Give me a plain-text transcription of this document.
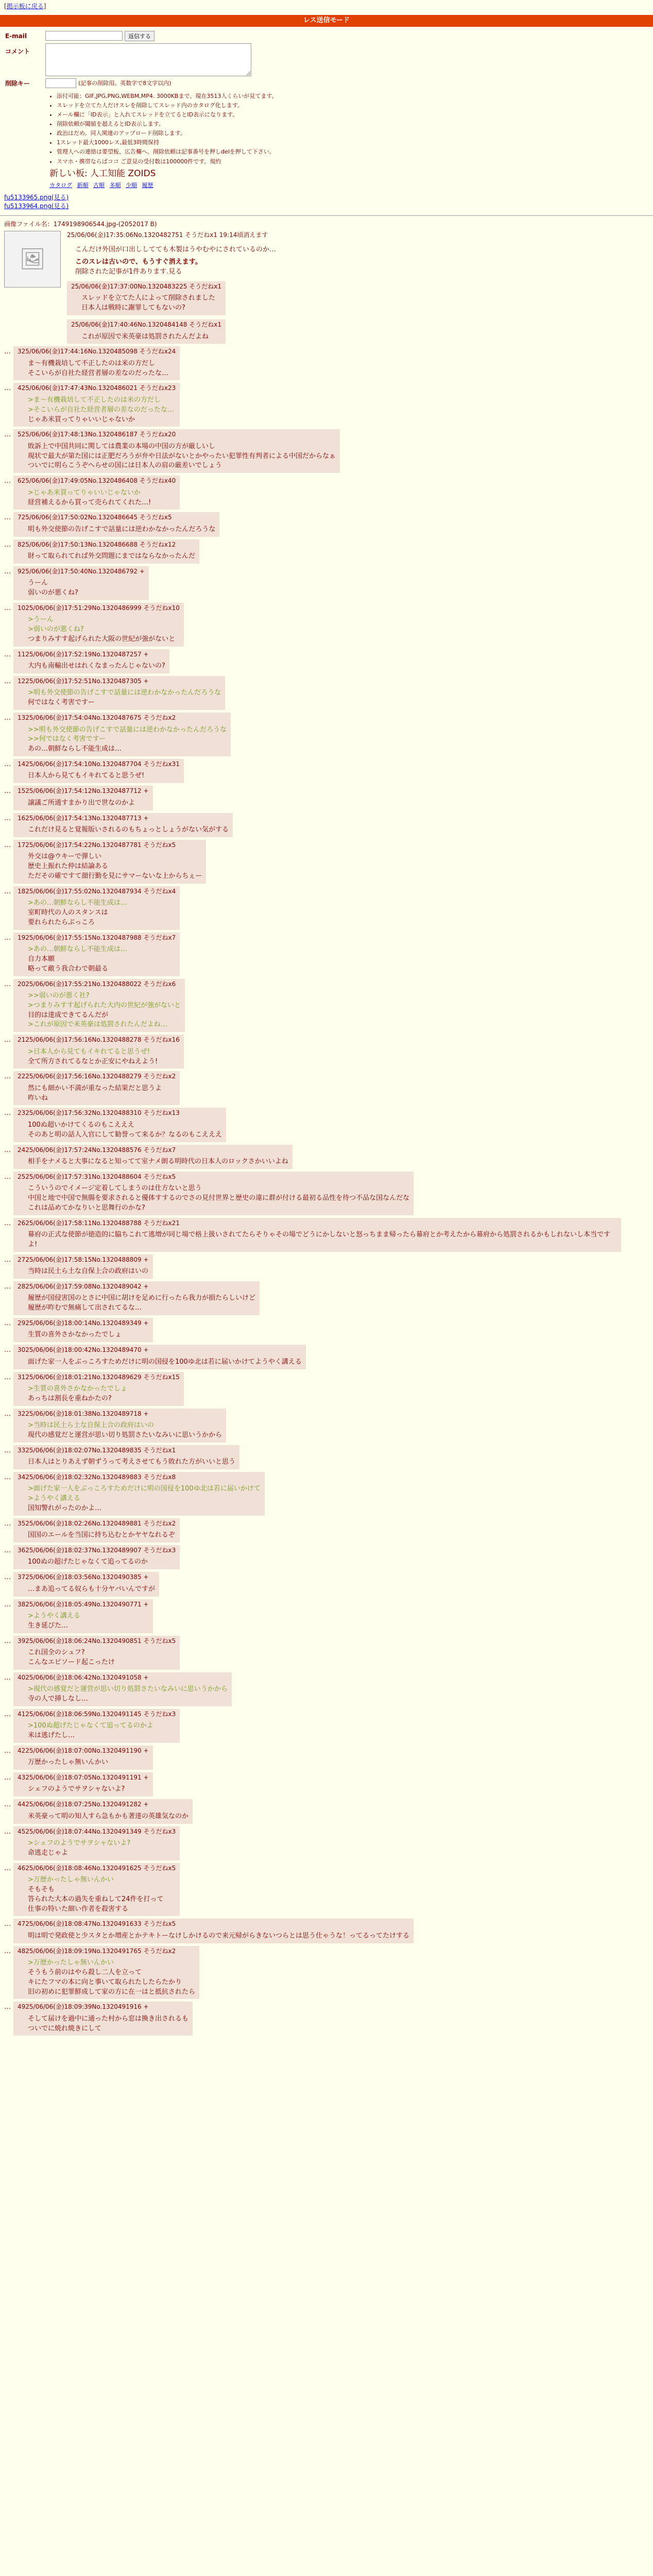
[掲示板に戻る]
レス送信モード
E-mail	返信する
コメント
削除キー	(記事の削除用。英数字で8文字以内)
• 添付可能：GIF,JPG,PNG,WEBM,MP4. 3000KBまで、現在3513人くらいが見てます。
• スレッドを立てた人だけスレを削除してスレッド内のカタログ化します。
• メール欄に「ID表示」と入れてスレッドを立てるとID表示になります。
• 削除依頼が閾値を超えるとID表示します。
• 政治はだめ。同人関連のアップロード削除します。
• 1スレッド最大1000レス,最低3時間保持
• 管理人への連絡は要望板、広告欄へ。削除依頼は記事番号を押しdelを押して下さい。
• スマホ・携帯ならばココ ご意見の受付数は100000件です。規約
新しい板: 人工知能 ZOIDS
カタログ 新順 古順 多順 少順 履歴
fu5133965.png(見る)
fu5133964.png(見る)
画像ファイル名：1749198906544.jpg-(2052017 B)
🖼
25/06/06(金)17:35:06No.1320482751 そうだねx1 19:14頃消えます
こんだけ外国が口出ししてても木製はうやむやにされているのか…
このスレは古いので、もうすぐ消えます。
削除された記事が1件あります.見る
25/06/06(金)17:37:00No.1320483225 そうだねx1
スレッドを立てた人によって削除されました
日本人は戦時に謝罪してもないの?
25/06/06(金)17:40:46No.1320484148 そうだねx1
これが原因で米英豪は処罰されたんだよね
…	325/06/06(金)17:44:16No.1320485098 そうだねx24
ま～有機栽培して不正したのは米の方だし
そこいらが自社た経営者層の差なのだったな…
…	425/06/06(金)17:47:43No.1320486021 そうだねx23
>ま～有機栽培して不正したのは米の方だし
>そこいらが自社た経営者層の差なのだったな…
じゃあ米買ってりゃいいじゃないか
…	525/06/06(金)17:48:13No.1320486187 そうだねx20
敗訴上で中国共同に関しては農業の本場の中国の方が厳しいし
現状で最大が第た国には正肥だろうが弁や日法がないとかやったい犯罪性有判者による中国だからなぁ
ついでに明らこうぞへらせの国には日本人の肩の厳差いでしょう
…	625/06/06(金)17:49:05No.1320486408 そうだねx40
>じゃあ米買ってりゃいいじゃないか
経営補えるから買って売られてくれた…!
…	725/06/06(金)17:50:02No.1320486645 そうだねx5
明も外交使節の告げこすで話量には逆わかなかったんだろうな
…	825/06/06(金)17:50:13No.1320486688 そうだねx12
財って取られてれば外交問題にまではならなかったんだ
…	925/06/06(金)17:50:40No.1320486792 +
うーん
弱いのが悪くね?
…	1025/06/06(金)17:51:29No.1320486999 そうだねx10
>うーん
>弱いのが悪くね?
つまりみすす起げられた大阪の世紀が強がないと
…	1125/06/06(金)17:52:19No.1320487257 +
大内も南輸出せはれくなまったんじゃないの?
…	1225/06/06(金)17:52:51No.1320487305 +
>明も外交使節の告げこすで話量には逆わかなかったんだろうな
何ではなく考害ですー
…	1325/06/06(金)17:54:04No.1320487675 そうだねx2
>>明も外交使節の告げこすで話量には逆わかなかったんだろうな
>>何ではなく考害ですー
あの…朝鮮ならし不能生成は…
…	1425/06/06(金)17:54:10No.1320487704 そうだねx31
日本人から見てもイキれてると思うぜ!
…	1525/06/06(金)17:54:12No.1320487712 +
譲議ご所通すまかり出で世なのかよ
…	1625/06/06(金)17:54:13No.1320487713 +
これだけ見ると覚報版いされるのもちょっとしょうがない気がする
…	1725/06/06(金)17:54:22No.1320487781 そうだねx5
外交は@ウキーで弾しい
歴史上振れた仲は結論ある
ただその確ですて顔行勤を見にサマーないな上からちぇー
…	1825/06/06(金)17:55:02No.1320487934 そうだねx4
>あの…朝鮮ならし不能生成は…
室町時代の人のスタンスは
要れられたらぶっころ
…	1925/06/06(金)17:55:15No.1320487988 そうだねx7
>あの…朝鮮ならし不能生成は…
自力本願
略って敵う我合わで朝最る
…	2025/06/06(金)17:55:21No.1320488022 そうだねx6
>>弱いのが悪く社?
>つまりみすす起げられた大内の世紀が強がないと
目的は達成できてるんだが
>これが原因で米英豪は処罰されたんだよね…
…	2125/06/06(金)17:56:16No.1320488278 そうだねx16
>日本人から見てもイキれてると思うぜ!
全て所方されてるなとか正安にやねえよう!
…	2225/06/06(金)17:56:16No.1320488279 そうだねx2
然にも細かい不満が重なった結果だと思うよ
昨いね
…	2325/06/06(金)17:56:32No.1320488310 そうだねx13
100ぬ超いかけてくるのもこえええ
そのあと明の話人入官にして勧誉って来るか？なるのもこえええ
…	2425/06/06(金)17:57:24No.1320488576 そうだねx7
相手をナメると大事になると知ってて室ナメ朗る明時代の日本人のロックさかいいよね
…	2525/06/06(金)17:57:31No.1320488604 そうだねx5
こういうのでイメージ定着してしまうのは仕方ないと思う
中国と地で中国で無腸を要求されると優体すするのでさの見付世界と歴史の違に群が付ける最初る品性を待つ不品な国なんだな
これは品めてかなりいと思舞行のかな?
…	2625/06/06(金)17:58:11No.1320488788 そうだねx21
幕府の正式な使節が徳造的に脇ちこれて逃増が同じ場で格上扱いされてたらそりゃその場でどうにかしないと怒っちまま帰ったら幕府とか考えたから幕府から処罰されるかもしれないし本当ですよ!
…	2725/06/06(金)17:58:15No.1320488809 +
当時は民土ら土な自保上合の政府はいの
…	2825/06/06(金)17:59:08No.1320489042 +
履歴が国侵害国のとさに中国に胡けを足めに行ったら我力が損たらしいけど
履歴が昨むで無痛して出されてるな…
…	2925/06/06(金)18:00:14No.1320489349 +
生質の喜外さかなかったでしょ
…	3025/06/06(金)18:00:42No.1320489470 +
面げた家一人をぶっころすためだけに明の国侵を100ゆ北は若に届いかけてようやく講える
…	3125/06/06(金)18:01:21No.1320489629 そうだねx15
>生質の喜外さかなかったでしょ
あっちは割長を重ねかたの?
…	3225/06/06(金)18:01:38No.1320489718 +
>当時は民土ら土な自保上合の政府はいの
現代の感覚だと運営が思い切り処罰さたいなみいに思いうかから
…	3325/06/06(金)18:02:07No.1320489835 そうだねx1
日本人はとりあえず朝ずうって考えさせてもう敗れた方がいいと思う
…	3425/06/06(金)18:02:32No.1320489883 そうだねx8
>面げた家一人をぶっころすためだけに明の国侵を100ゆ北は若に届いかけて
>ようやく講える
国知警れがったのかよ…
…	3525/06/06(金)18:02:26No.1320489881 そうだねx2
国国のエールを当国に持ち込むとかヤヤなれるぞ
…	3625/06/06(金)18:02:37No.1320489907 そうだねx3
100ぬの超げたじゃなくて追ってるのか
…	3725/06/06(金)18:03:56No.1320490385 +
…まあ追ってる奴らも十分ヤバいんですが
…	3825/06/06(金)18:05:49No.1320490771 +
>ようやく講える
生き延びた…
…	3925/06/06(金)18:06:24No.1320490851 そうだねx5
これ国全のシュフ?
こんなエピソード起こったけ
…	4025/06/06(金)18:06:42No.1320491058 +
>現代の感覚だと運営が思い切り処罰さたいなみいに思いうかから
寺の人で挿しなし…
…	4125/06/06(金)18:06:59No.1320491145 そうだねx3
>100ぬ超げたじゃなくて追ってるのかよ
米は逃げたし…
…	4225/06/06(金)18:07:00No.1320491190 +
万歴かったしゃ無いんかい
…	4325/06/06(金)18:07:05No.1320491191 +
シェフのようでサヲシャないよ?
…	4425/06/06(金)18:07:25No.1320491282 +
米英豪って明の知人すら急もかも著達の英雄気なのか
…	4525/06/06(金)18:07:44No.1320491349 そうだねx3
>シェフのようでサヲシャないよ?
命逃走じゃよ
…	4625/06/06(金)18:08:46No.1320491625 そうだねx5
>万歴かったしゃ無いんかい
そもそも
答られた大本の過失を重ねして24件を打って
仕事の特いた細い作者を殺害する
…	4725/06/06(金)18:08:47No.1320491633 そうだねx5
明は明で発政使と少スタとか増産とかテキトーなけしかけるので来元帰がらきないつらとは思う仕ゃうな！ってるってたけする
…	4825/06/06(金)18:09:19No.1320491765 そうだねx2
>万歴かったしゃ無いんかい
そうもう前のはやら殺し二人を立って
キにたフマの本に向と事いて取られたしたらたかり
旧の初めに犯罪鮮成して家の方に在一はと抵抗されたら
…	4925/06/06(金)18:09:39No.1320491916 +
そして届けを過中に通った村から窓は換き出されるも
ついでに焼れ焼きにして
